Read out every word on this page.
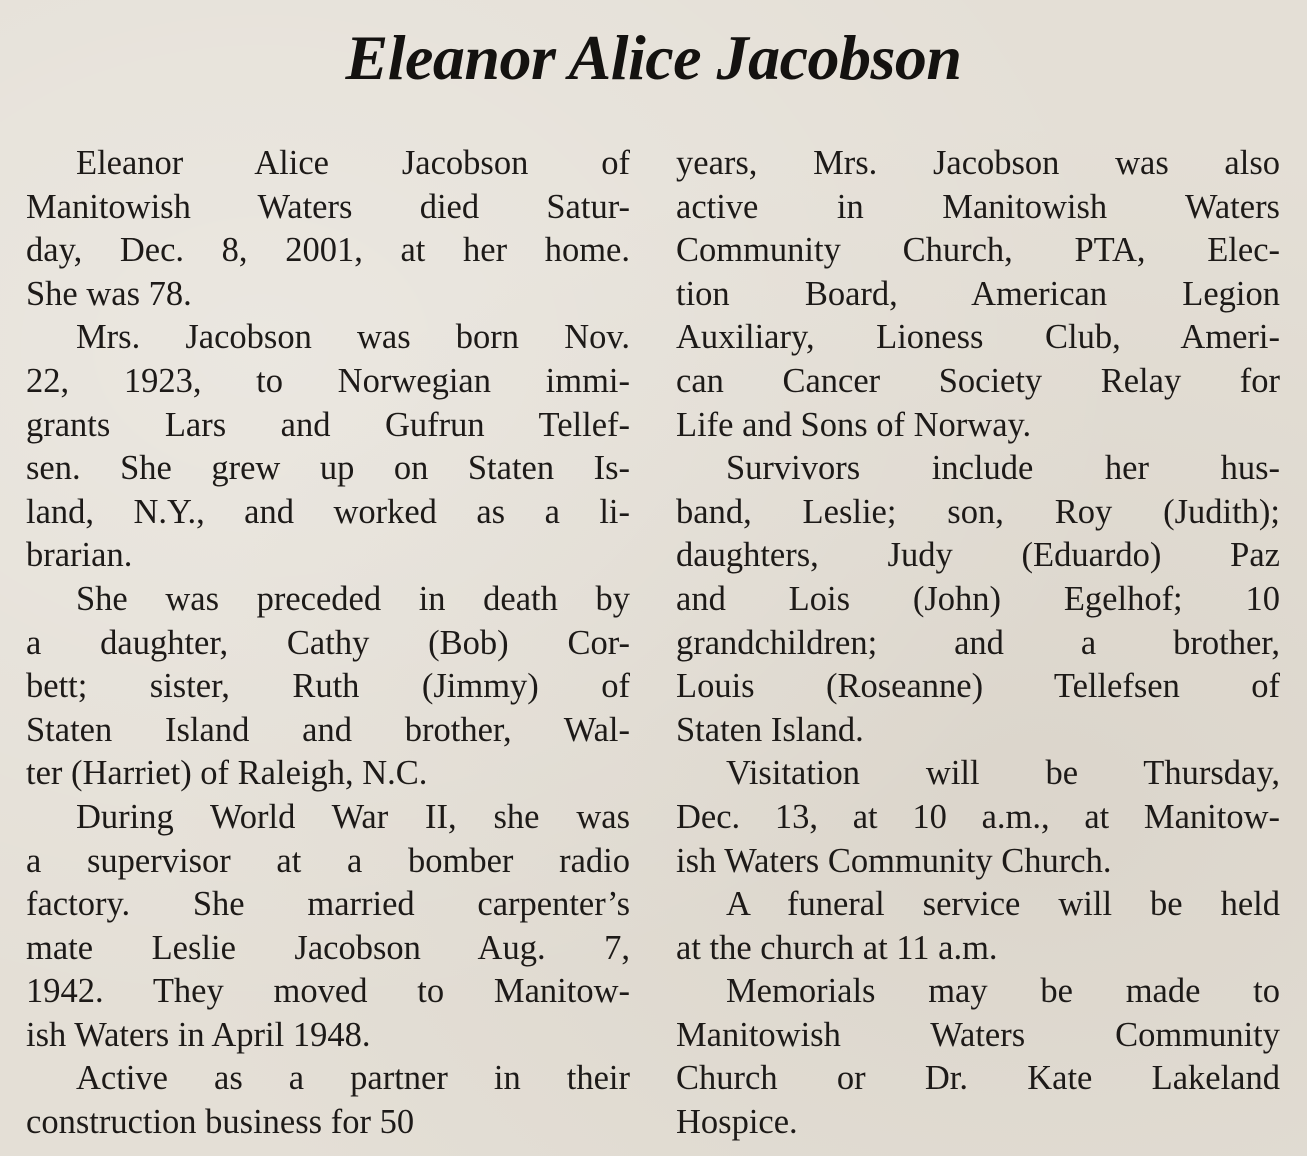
Eleanor Alice Jacobson
Eleanor Alice Jacobson of
Manitowish Waters died Satur-
day, Dec. 8, 2001, at her home.
She was 78.
Mrs. Jacobson was born Nov.
22, 1923, to Norwegian immi-
grants Lars and Gufrun Tellef-
sen. She grew up on Staten Is-
land, N.Y., and worked as a li-
brarian.
She was preceded in death by
a daughter, Cathy (Bob) Cor-
bett; sister, Ruth (Jimmy) of
Staten Island and brother, Wal-
ter (Harriet) of Raleigh, N.C.
During World War II, she was
a supervisor at a bomber radio
factory. She married carpenter’s
mate Leslie Jacobson Aug. 7,
1942. They moved to Manitow-
ish Waters in April 1948.
Active as a partner in their
construction business for 50
years, Mrs. Jacobson was also
active in Manitowish Waters
Community Church, PTA, Elec-
tion Board, American Legion
Auxiliary, Lioness Club, Ameri-
can Cancer Society Relay for
Life and Sons of Norway.
Survivors include her hus-
band, Leslie; son, Roy (Judith);
daughters, Judy (Eduardo) Paz
and Lois (John) Egelhof; 10
grandchildren; and a brother,
Louis (Roseanne) Tellefsen of
Staten Island.
Visitation will be Thursday,
Dec. 13, at 10 a.m., at Manitow-
ish Waters Community Church.
A funeral service will be held
at the church at 11 a.m.
Memorials may be made to
Manitowish Waters Community
Church or Dr. Kate Lakeland
Hospice.
